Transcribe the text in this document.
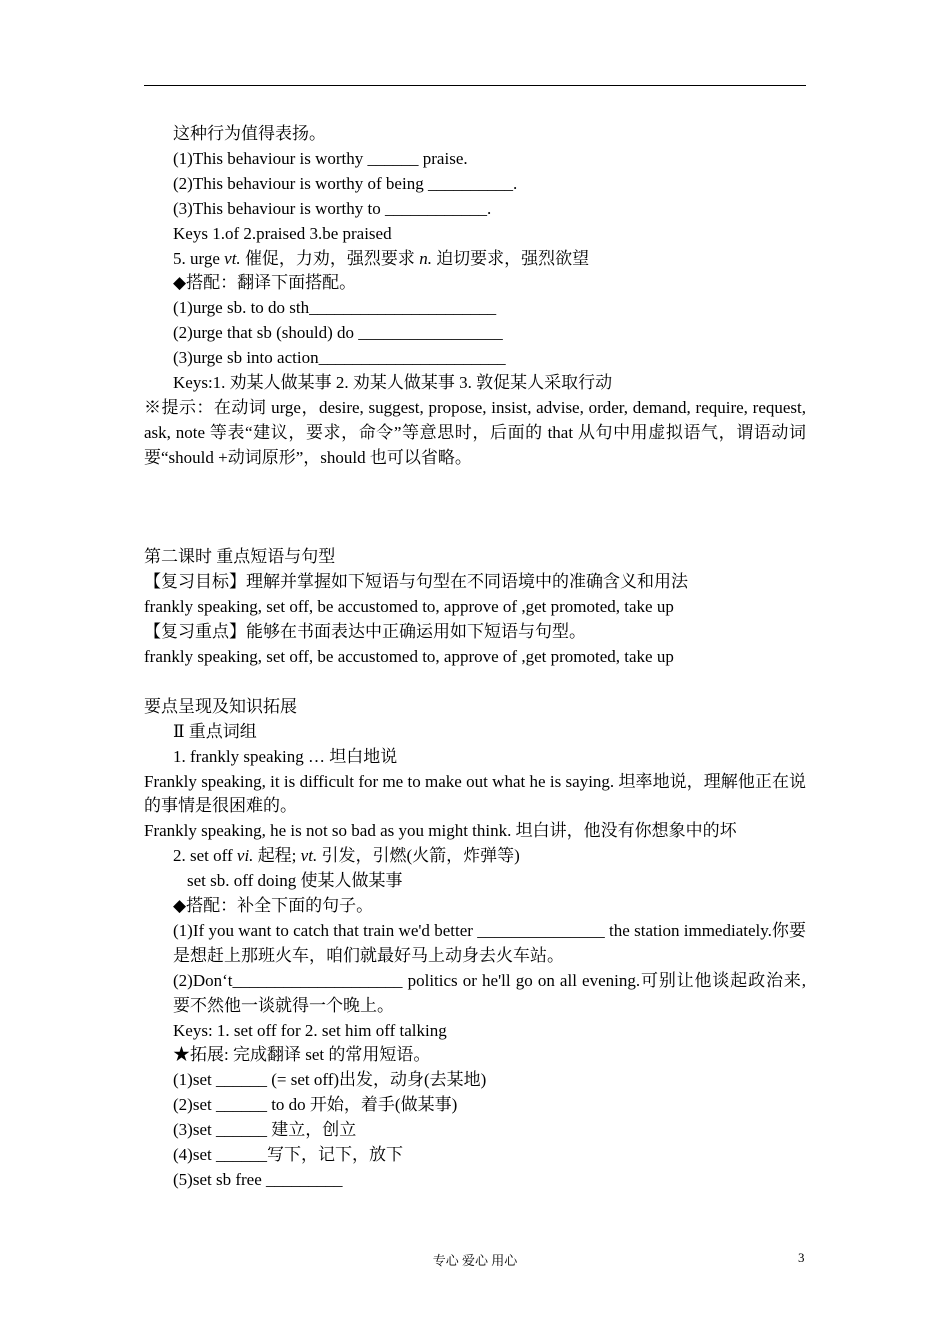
这种行为值得表扬。
(1)This behaviour is worthy ______ praise.
(2)This behaviour is worthy of being __________.
(3)This behaviour is worthy to ____________.
Keys 1.of 2.praised 3.be praised
5. urge vt. 催促，力劝，强烈要求 n. 迫切要求，强烈欲望
◆搭配：翻译下面搭配。
(1)urge sb. to do sth______________________
(2)urge that sb (should) do _________________
(3)urge sb into action______________________
Keys:1. 劝某人做某事 2. 劝某人做某事 3. 敦促某人采取行动
※提示：在动词 urge，desire, suggest, propose, insist, advise, order, demand, require, request, ask, note 等表“建议，要求，命令”等意思时，后面的 that 从句中用虚拟语气，谓语动词要“should +动词原形”，should 也可以省略。
第二课时 重点短语与句型
【复习目标】理解并掌握如下短语与句型在不同语境中的准确含义和用法
frankly speaking, set off, be accustomed to, approve of ,get promoted, take up
【复习重点】能够在书面表达中正确运用如下短语与句型。
frankly speaking, set off, be accustomed to, approve of ,get promoted, take up
要点呈现及知识拓展
Ⅱ 重点词组
1. frankly speaking … 坦白地说
Frankly speaking, it is difficult for me to make out what he is saying. 坦率地说，理解他正在说的事情是很困难的。
Frankly speaking, he is not so bad as you might think. 坦白讲，他没有你想象中的坏
2. set off vi. 起程; vt. 引发，引燃(火箭，炸弹等)
set sb. off doing 使某人做某事
◆搭配：补全下面的句子。
(1)If you want to catch that train we'd better _______________ the station immediately.你要是想赶上那班火车，咱们就最好马上动身去火车站。
(2)Don‘t____________________ politics or he'll go on all evening.可别让他谈起政治来, 要不然他一谈就得一个晚上。
Keys: 1. set off for 2. set him off talking
★拓展: 完成翻译 set 的常用短语。
(1)set ______ (= set off)出发，动身(去某地)
(2)set ______ to do 开始，着手(做某事)
(3)set ______ 建立，创立
(4)set ______写下，记下，放下
(5)set sb free _________
专心 爱心 用心	3
